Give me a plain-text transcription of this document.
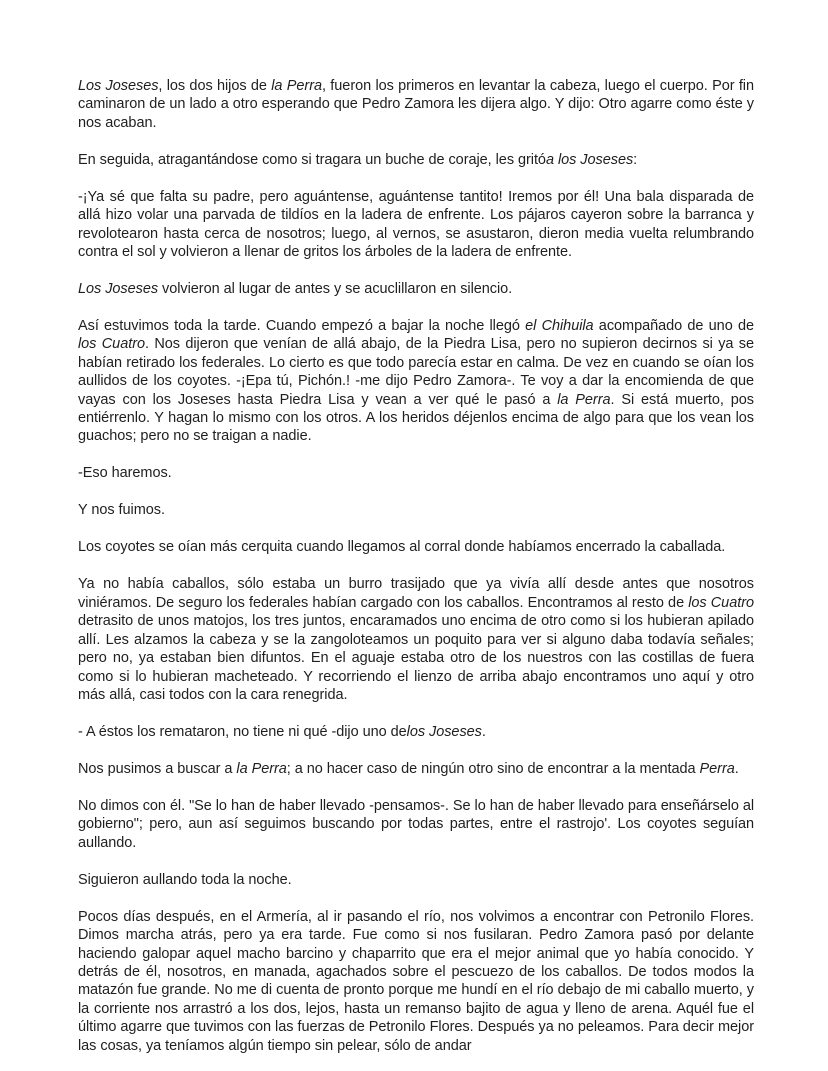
Los Joseses, los dos hijos de la Perra, fueron los primeros en levantar la cabeza, luego el cuerpo. Por fin caminaron de un lado a otro esperando que Pedro Zamora les dijera algo. Y dijo: Otro agarre como éste y nos acaban.

En seguida, atragantándose como si tragara un buche de coraje, les gritóa los Joseses:

-¡Ya sé que falta su padre, pero aguántense, aguántense tantito! Iremos por él! Una bala disparada de allá hizo volar una parvada de tildíos en la ladera de enfrente. Los pájaros cayeron sobre la barranca y revolotearon hasta cerca de nosotros; luego, al vernos, se asustaron, dieron media vuelta relumbrando contra el sol y volvieron a llenar de gritos los árboles de la ladera de enfrente.

Los Joseses volvieron al lugar de antes y se acuclillaron en silencio.

Así estuvimos toda la tarde. Cuando empezó a bajar la noche llegó el Chihuila acompañado de uno de los Cuatro. Nos dijeron que venían de allá abajo, de la Piedra Lisa, pero no supieron decirnos si ya se habían retirado los federales. Lo cierto es que todo parecía estar en calma. De vez en cuando se oían los aullidos de los coyotes. -¡Epa tú, Pichón.! -me dijo Pedro Zamora-. Te voy a dar la encomienda de que vayas con los Joseses hasta Piedra Lisa y vean a ver qué le pasó a la Perra. Si está muerto, pos entiérrenlo. Y hagan lo mismo con los otros. A los heridos déjenlos encima de algo para que los vean los guachos; pero no se traigan a nadie.

-Eso haremos.

Y nos fuimos.

Los coyotes se oían más cerquita cuando llegamos al corral donde habíamos encerrado la caballada.

Ya no había caballos, sólo estaba un burro trasijado que ya vivía allí desde antes que nosotros viniéramos. De seguro los federales habían cargado con los caballos. Encontramos al resto de los Cuatro detrasito de unos matojos, los tres juntos, encaramados uno encima de otro como si los hubieran apilado allí. Les alzamos la cabeza y se la zangoloteamos un poquito para ver si alguno daba todavía señales; pero no, ya estaban bien difuntos. En el aguaje estaba otro de los nuestros con las costillas de fuera como si lo hubieran macheteado. Y recorriendo el lienzo de arriba abajo encontramos uno aquí y otro más allá, casi todos con la cara renegrida.

- A éstos los remataron, no tiene ni qué -dijo uno delos Joseses.

Nos pusimos a buscar a la Perra; a no hacer caso de ningún otro sino de encontrar a la mentada Perra.

No dimos con él. "Se lo han de haber llevado -pensamos-. Se lo han de haber llevado para enseñárselo al gobierno"; pero, aun así seguimos buscando por todas partes, entre el rastrojo'. Los coyotes seguían aullando.

Siguieron aullando toda la noche.

Pocos días después, en el Armería, al ir pasando el río, nos volvimos a encontrar con Petronilo Flores. Dimos marcha atrás, pero ya era tarde. Fue como si nos fusilaran. Pedro Zamora pasó por delante haciendo galopar aquel macho barcino y chaparrito que era el mejor animal que yo había conocido. Y detrás de él, nosotros, en manada, agachados sobre el pescuezo de los caballos. De todos modos la matazón fue grande. No me di cuenta de pronto porque me hundí en el río debajo de mi caballo muerto, y la corriente nos arrastró a los dos, lejos, hasta un remanso bajito de agua y lleno de arena. Aquél fue el último agarre que tuvimos con las fuerzas de Petronilo Flores. Después ya no peleamos. Para decir mejor las cosas, ya teníamos algún tiempo sin pelear, sólo de andar
